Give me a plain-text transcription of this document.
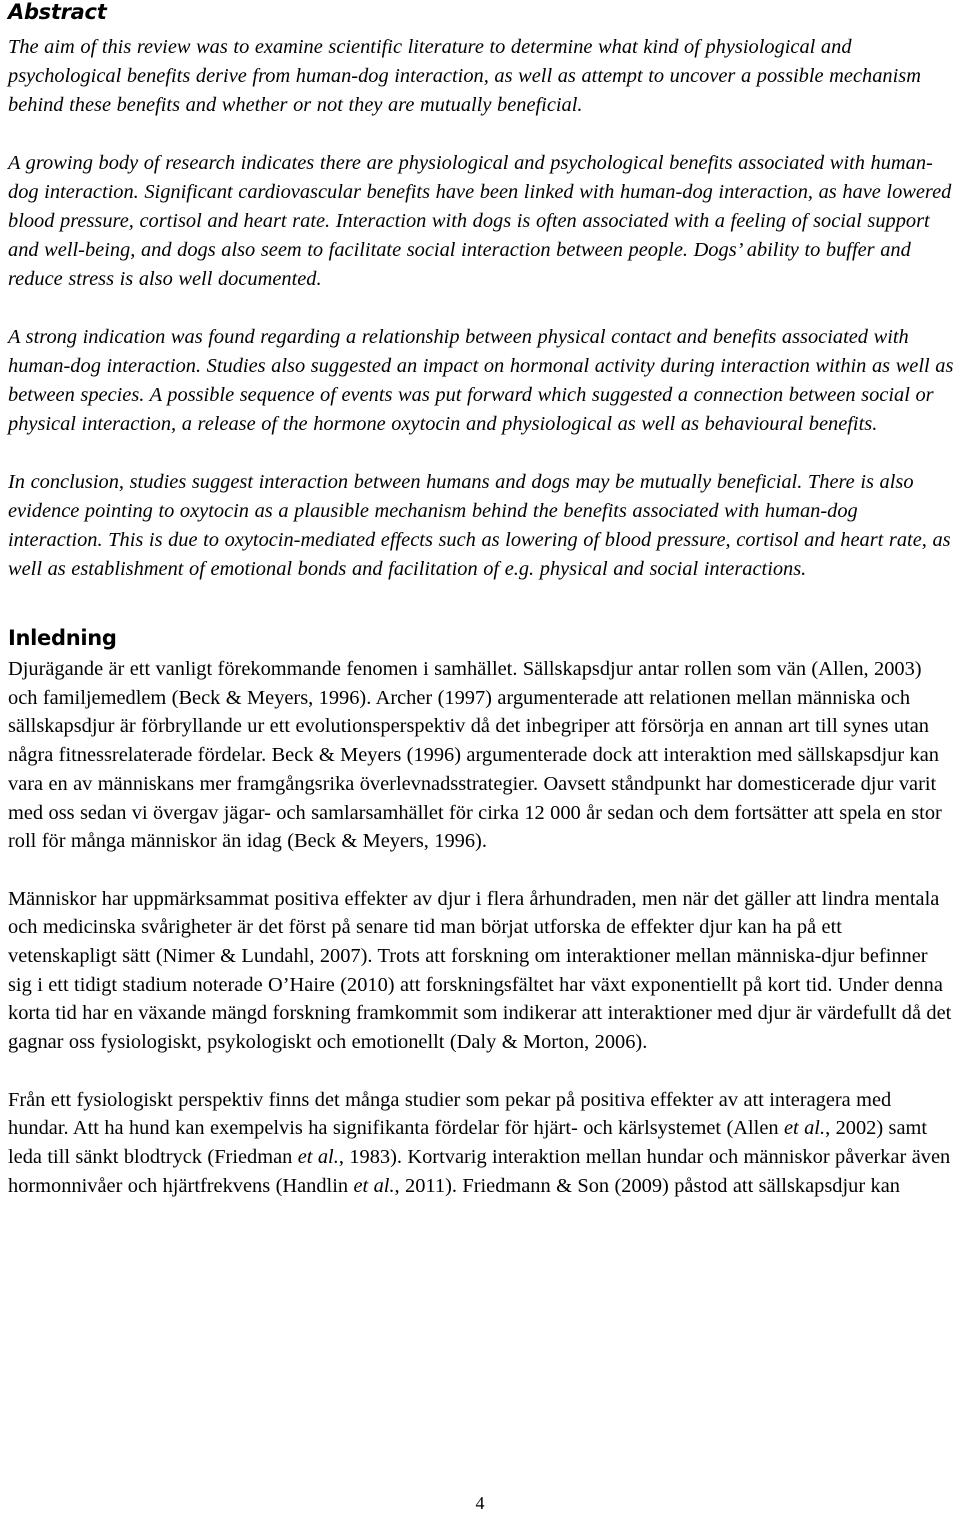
Abstract

The aim of this review was to examine scientific literature to determine what kind of physiological and psychological benefits derive from human-dog interaction, as well as attempt to uncover a possible mechanism behind these benefits and whether or not they are mutually beneficial.

A growing body of research indicates there are physiological and psychological benefits associated with human-dog interaction. Significant cardiovascular benefits have been linked with human-dog interaction, as have lowered blood pressure, cortisol and heart rate. Interaction with dogs is often associated with a feeling of social support and well-being, and dogs also seem to facilitate social interaction between people. Dogs’ ability to buffer and reduce stress is also well documented.

A strong indication was found regarding a relationship between physical contact and benefits associated with human-dog interaction. Studies also suggested an impact on hormonal activity during interaction within as well as between species. A possible sequence of events was put forward which suggested a connection between social or physical interaction, a release of the hormone oxytocin and physiological as well as behavioural benefits.

In conclusion, studies suggest interaction between humans and dogs may be mutually beneficial. There is also evidence pointing to oxytocin as a plausible mechanism behind the benefits associated with human-dog interaction. This is due to oxytocin-mediated effects such as lowering of blood pressure, cortisol and heart rate, as well as establishment of emotional bonds and facilitation of e.g. physical and social interactions.

Inledning

Djurägande är ett vanligt förekommande fenomen i samhället. Sällskapsdjur antar rollen som vän (Allen, 2003) och familjemedlem (Beck & Meyers, 1996). Archer (1997) argumenterade att relationen mellan människa och sällskapsdjur är förbryllande ur ett evolutionsperspektiv då det inbegriper att försörja en annan art till synes utan några fitnessrelaterade fördelar. Beck & Meyers (1996) argumenterade dock att interaktion med sällskapsdjur kan vara en av människans mer framgångsrika överlevnadsstrategier. Oavsett ståndpunkt har domesticerade djur varit med oss sedan vi övergav jägar- och samlarsamhället för cirka 12 000 år sedan och dem fortsätter att spela en stor roll för många människor än idag (Beck & Meyers, 1996).

Människor har uppmärksammat positiva effekter av djur i flera århundraden, men när det gäller att lindra mentala och medicinska svårigheter är det först på senare tid man börjat utforska de effekter djur kan ha på ett vetenskapligt sätt (Nimer & Lundahl, 2007). Trots att forskning om interaktioner mellan människa-djur befinner sig i ett tidigt stadium noterade O’Haire (2010) att forskningsfältet har växt exponentiellt på kort tid. Under denna korta tid har en växande mängd forskning framkommit som indikerar att interaktioner med djur är värdefullt då det gagnar oss fysiologiskt, psykologiskt och emotionellt (Daly & Morton, 2006).

Från ett fysiologiskt perspektiv finns det många studier som pekar på positiva effekter av att interagera med hundar. Att ha hund kan exempelvis ha signifikanta fördelar för hjärt- och kärlsystemet (Allen et al., 2002) samt leda till sänkt blodtryck (Friedman et al., 1983). Kortvarig interaktion mellan hundar och människor påverkar även hormonnivåer och hjärtfrekvens (Handlin et al., 2011). Friedmann & Son (2009) påstod att sällskapsdjur kan

4
